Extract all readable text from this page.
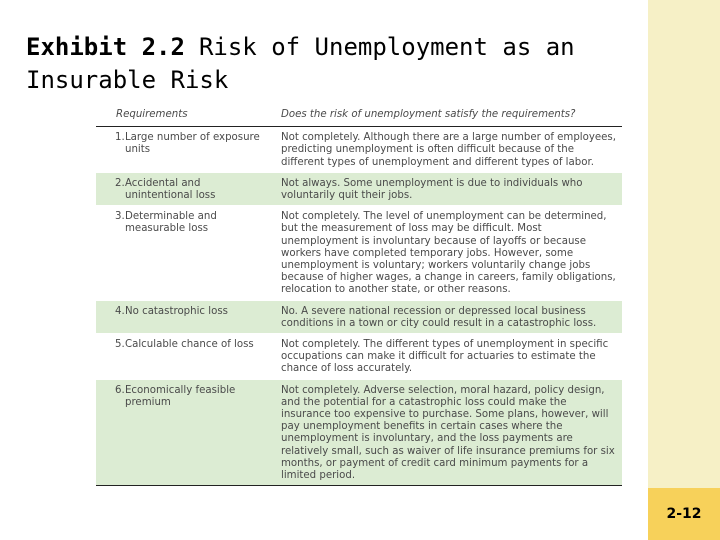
Exhibit 2.2 Risk of Unemployment as an Insurable Risk
Requirements	Does the risk of unemployment satisfy the requirements?
1.Large number of exposure units	Not completely. Although there are a large number of employees, predicting unemployment is often difficult because of the different types of unemployment and different types of labor.
2.Accidental and unintentional loss	Not always. Some unemployment is due to individuals who voluntarily quit their jobs.
3.Determinable and measurable loss	Not completely. The level of unemployment can be determined, but the measurement of loss may be difficult. Most unemployment is involuntary because of layoffs or because workers have completed temporary jobs. However, some unemployment is voluntary; workers voluntarily change jobs because of higher wages, a change in careers, family obligations, relocation to another state, or other reasons.
4.No catastrophic loss	No. A severe national recession or depressed local business conditions in a town or city could result in a catastrophic loss.
5.Calculable chance of loss	Not completely. The different types of unemployment in specific occupations can make it difficult for actuaries to estimate the chance of loss accurately.
6.Economically feasible premium	Not completely. Adverse selection, moral hazard, policy design, and the potential for a catastrophic loss could make the insurance too expensive to purchase. Some plans, however, will pay unemployment benefits in certain cases where the unemployment is involuntary, and the loss payments are relatively small, such as waiver of life insurance premiums for six months, or payment of credit card minimum payments for a limited period.
2-12
